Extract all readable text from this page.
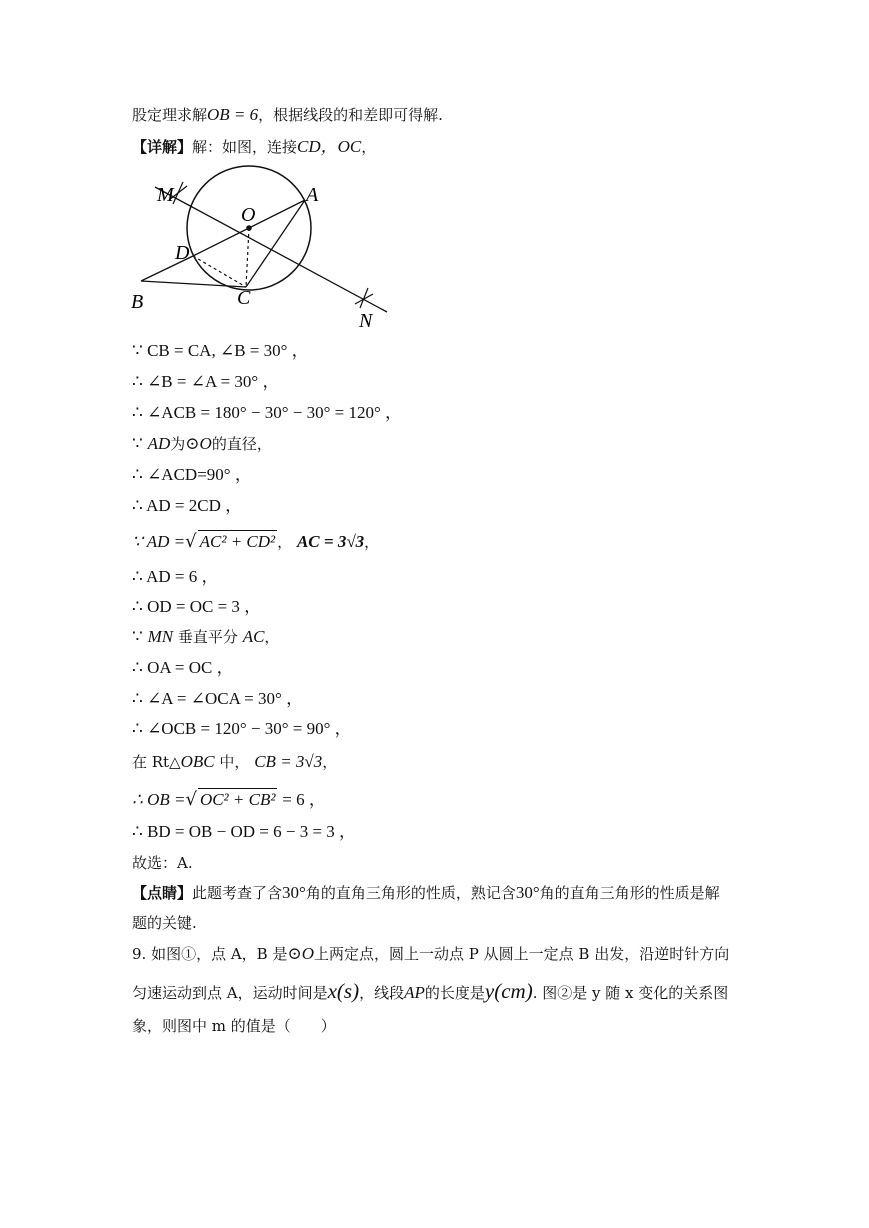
股定理求解OB = 6，根据线段的和差即可得解.
【详解】解：如图，连接CD，OC，
M	A
O
D
B	C
N
∵ CB = CA, ∠B = 30° ，
∴ ∠B = ∠A = 30° ，
∴ ∠ACB = 180° − 30° − 30° = 120° ，
∵ AD为⊙O的直径，
∴ ∠ACD=90° ，
∴ AD = 2CD ，
∵ AD =√ AC² + CD² ， AC = 3√3，
∴ AD = 6 ，
∴ OD = OC = 3 ，
∵ MN 垂直平分 AC，
∴ OA = OC ，
∴ ∠A = ∠OCA = 30° ，
∴ ∠OCB = 120° − 30° = 90° ，
在 Rt△OBC 中， CB = 3√3，
∴ OB =√ OC² + CB² = 6 ，
∴ BD = OB − OD = 6 − 3 = 3 ，
故选：A.
【点睛】此题考查了含30°角的直角三角形的性质，熟记含30°角的直角三角形的性质是解
题的关键.
9. 如图①，点 A，B 是⊙O上两定点，圆上一动点 P 从圆上一定点 B 出发，沿逆时针方向
匀速运动到点 A，运动时间是x(s)，线段AP的长度是y(cm). 图②是 y 随 x 变化的关系图
象，则图中 m 的值是（　　）
